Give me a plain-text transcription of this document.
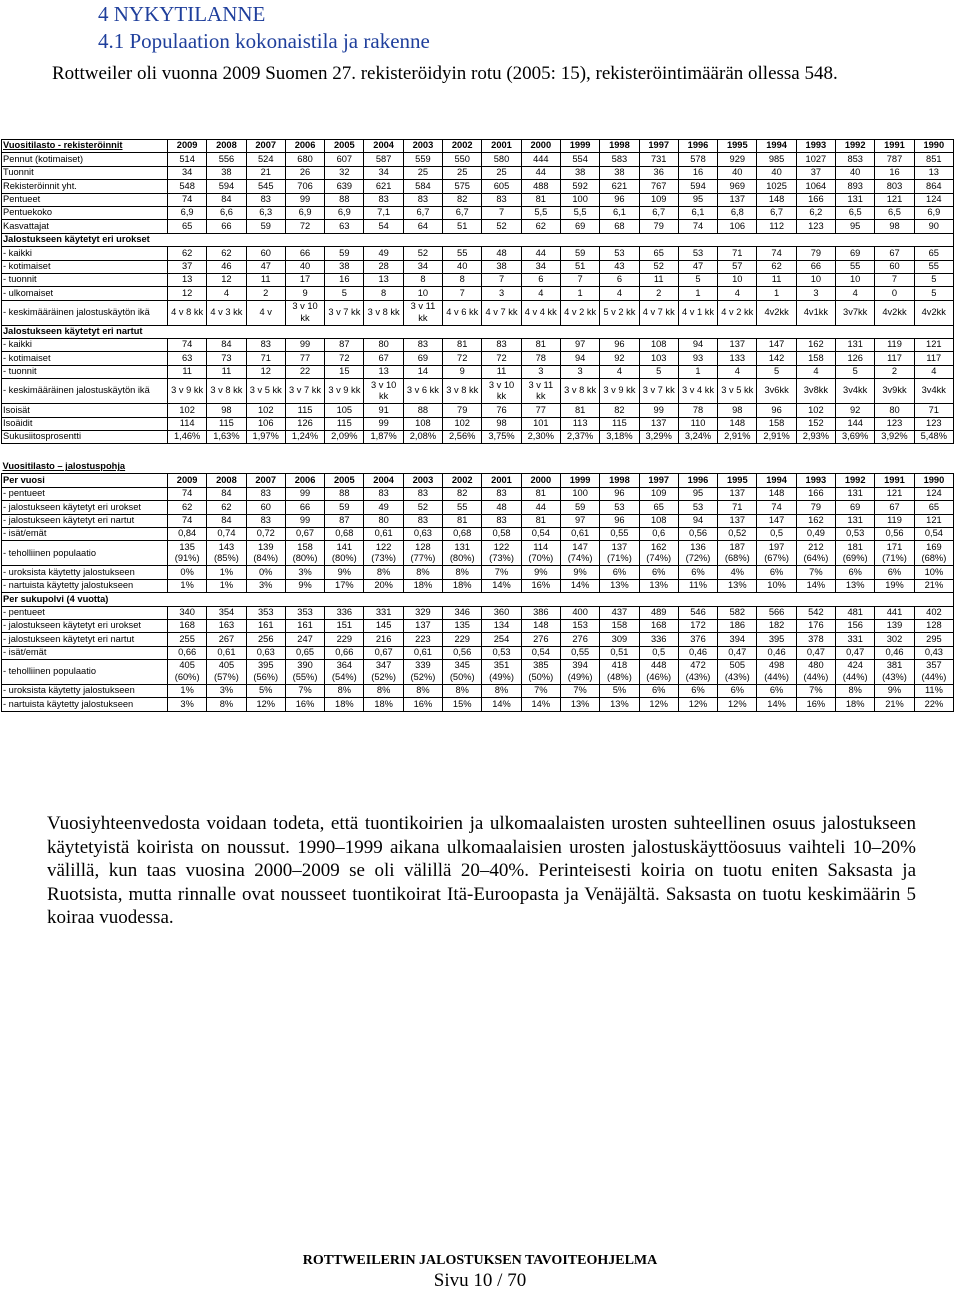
4 NYKYTILANNE
4.1 Populaation kokonaistila ja rakenne

Rottweiler oli vuonna 2009 Suomen 27. rekisteröidyin rotu (2005: 15), rekisteröintimäärän ollessa 548.

Vuositilasto - rekisteröinnit	2009	2008	2007	2006	2005	2004	2003	2002	2001	2000	1999	1998	1997	1996	1995	1994	1993	1992	1991	1990
Pennut (kotimaiset)	514	556	524	680	607	587	559	550	580	444	554	583	731	578	929	985	1027	853	787	851
Tuonnit	34	38	21	26	32	34	25	25	25	44	38	38	36	16	40	40	37	40	16	13
Rekisteröinnit yht.	548	594	545	706	639	621	584	575	605	488	592	621	767	594	969	1025	1064	893	803	864
Pentueet	74	84	83	99	88	83	83	82	83	81	100	96	109	95	137	148	166	131	121	124
Pentuekoko	6,9	6,6	6,3	6,9	6,9	7,1	6,7	6,7	7	5,5	5,5	6,1	6,7	6,1	6,8	6,7	6,2	6,5	6,5	6,9
Kasvattajat	65	66	59	72	63	54	64	51	52	62	69	68	79	74	106	112	123	95	98	90
Jalostukseen käytetyt eri urokset																				
- kaikki	62	62	60	66	59	49	52	55	48	44	59	53	65	53	71	74	79	69	67	65
- kotimaiset	37	46	47	40	38	28	34	40	38	34	51	43	52	47	57	62	66	55	60	55
- tuonnit	13	12	11	17	16	13	8	8	7	6	7	6	11	5	10	11	10	10	7	5
- ulkomaiset	12	4	2	9	5	8	10	7	3	4	1	4	2	1	4	1	3	4	0	5
- keskimääräinen jalostuskäytön ikä	4 v 8 kk	4 v 3 kk	4 v	3 v 10 kk	3 v 7 kk	3 v 8 kk	3 v 11 kk	4 v 6 kk	4 v 7 kk	4 v 4 kk	4 v 2 kk	5 v 2 kk	4 v 7 kk	4 v 1 kk	4 v 2 kk	4v2kk	4v1kk	3v7kk	4v2kk	4v2kk
Jalostukseen käytetyt eri nartut																				
- kaikki	74	84	83	99	87	80	83	81	83	81	97	96	108	94	137	147	162	131	119	121
- kotimaiset	63	73	71	77	72	67	69	72	72	78	94	92	103	93	133	142	158	126	117	117
- tuonnit	11	11	12	22	15	13	14	9	11	3	3	4	5	1	4	5	4	5	2	4
- keskimääräinen jalostuskäytön ikä	3 v 9 kk	3 v 8 kk	3 v 5 kk	3 v 7 kk	3 v 9 kk	3 v 10 kk	3 v 6 kk	3 v 8 kk	3 v 10 kk	3 v 11 kk	3 v 8 kk	3 v 9 kk	3 v 7 kk	3 v 4 kk	3 v 5 kk	3v6kk	3v8kk	3v4kk	3v9kk	3v4kk
Isoisät	102	98	102	115	105	91	88	79	76	77	81	82	99	78	98	96	102	92	80	71
Isoäidit	114	115	106	126	115	99	108	102	98	101	113	115	137	110	148	158	152	144	123	123
Sukusiitosprosentti	1,46%	1,63%	1,97%	1,24%	2,09%	1,87%	2,08%	2,56%	3,75%	2,30%	2,37%	3,18%	3,29%	3,24%	2,91%	2,91%	2,93%	3,69%	3,92%	5,48%
Vuositilasto – jalostuspohja																				
Per vuosi	2009	2008	2007	2006	2005	2004	2003	2002	2001	2000	1999	1998	1997	1996	1995	1994	1993	1992	1991	1990
- pentueet	74	84	83	99	88	83	83	82	83	81	100	96	109	95	137	148	166	131	121	124
- jalostukseen käytetyt eri urokset	62	62	60	66	59	49	52	55	48	44	59	53	65	53	71	74	79	69	67	65
- jalostukseen käytetyt eri nartut	74	84	83	99	87	80	83	81	83	81	97	96	108	94	137	147	162	131	119	121
- isät/emät	0,84	0,74	0,72	0,67	0,68	0,61	0,63	0,68	0,58	0,54	0,61	0,55	0,6	0,56	0,52	0,5	0,49	0,53	0,56	0,54
- teholliinen populaatio	135 (91%)	143 (85%)	139 (84%)	158 (80%)	141 (80%)	122 (73%)	128 (77%)	131 (80%)	122 (73%)	114 (70%)	147 (74%)	137 (71%)	162 (74%)	136 (72%)	187 (68%)	197 (67%)	212 (64%)	181 (69%)	171 (71%)	169 (68%)
- uroksista käytetty jalostukseen	0%	1%	0%	3%	9%	8%	8%	8%	7%	9%	9%	6%	6%	6%	4%	6%	7%	6%	6%	10%
- nartuista käytetty jalostukseen	1%	1%	3%	9%	17%	20%	18%	18%	14%	16%	14%	13%	13%	11%	13%	10%	14%	13%	19%	21%
Per sukupolvi (4 vuotta)																				
- pentueet	340	354	353	353	336	331	329	346	360	386	400	437	489	546	582	566	542	481	441	402
- jalostukseen käytetyt eri urokset	168	163	161	161	151	145	137	135	134	148	153	158	168	172	186	182	176	156	139	128
- jalostukseen käytetyt eri nartut	255	267	256	247	229	216	223	229	254	276	276	309	336	376	394	395	378	331	302	295
- isät/emät	0,66	0,61	0,63	0,65	0,66	0,67	0,61	0,56	0,53	0,54	0,55	0,51	0,5	0,46	0,47	0,46	0,47	0,47	0,46	0,43
- teholliinen populaatio	405 (60%)	405 (57%)	395 (56%)	390 (55%)	364 (54%)	347 (52%)	339 (52%)	345 (50%)	351 (49%)	385 (50%)	394 (49%)	418 (48%)	448 (46%)	472 (43%)	505 (43%)	498 (44%)	480 (44%)	424 (44%)	381 (43%)	357 (44%)
- uroksista käytetty jalostukseen	1%	3%	5%	7%	8%	8%	8%	8%	8%	7%	7%	5%	6%	6%	6%	6%	7%	8%	9%	11%
- nartuista käytetty jalostukseen	3%	8%	12%	16%	18%	18%	16%	15%	14%	14%	13%	13%	12%	12%	12%	14%	16%	18%	21%	22%

Vuosiyhteenvedosta voidaan todeta, että tuontikoirien ja ulkomaalaisten urosten suhteellinen osuus jalostukseen käytetyistä koirista on noussut. 1990–1999 aikana ulkomaalaisien urosten jalostuskäyttöosuus vaihteli 10–20% välillä, kun taas vuosina 2000–2009 se oli välillä 20–40%. Perinteisesti koiria on tuotu eniten Saksasta ja Ruotsista, mutta rinnalle ovat nousseet tuontikoirat Itä-Euroopasta ja Venäjältä. Saksasta on tuotu keskimäärin 5 koiraa vuodessa.

ROTTWEILERIN JALOSTUKSEN TAVOITEOHJELMA

Sivu 10 / 70
